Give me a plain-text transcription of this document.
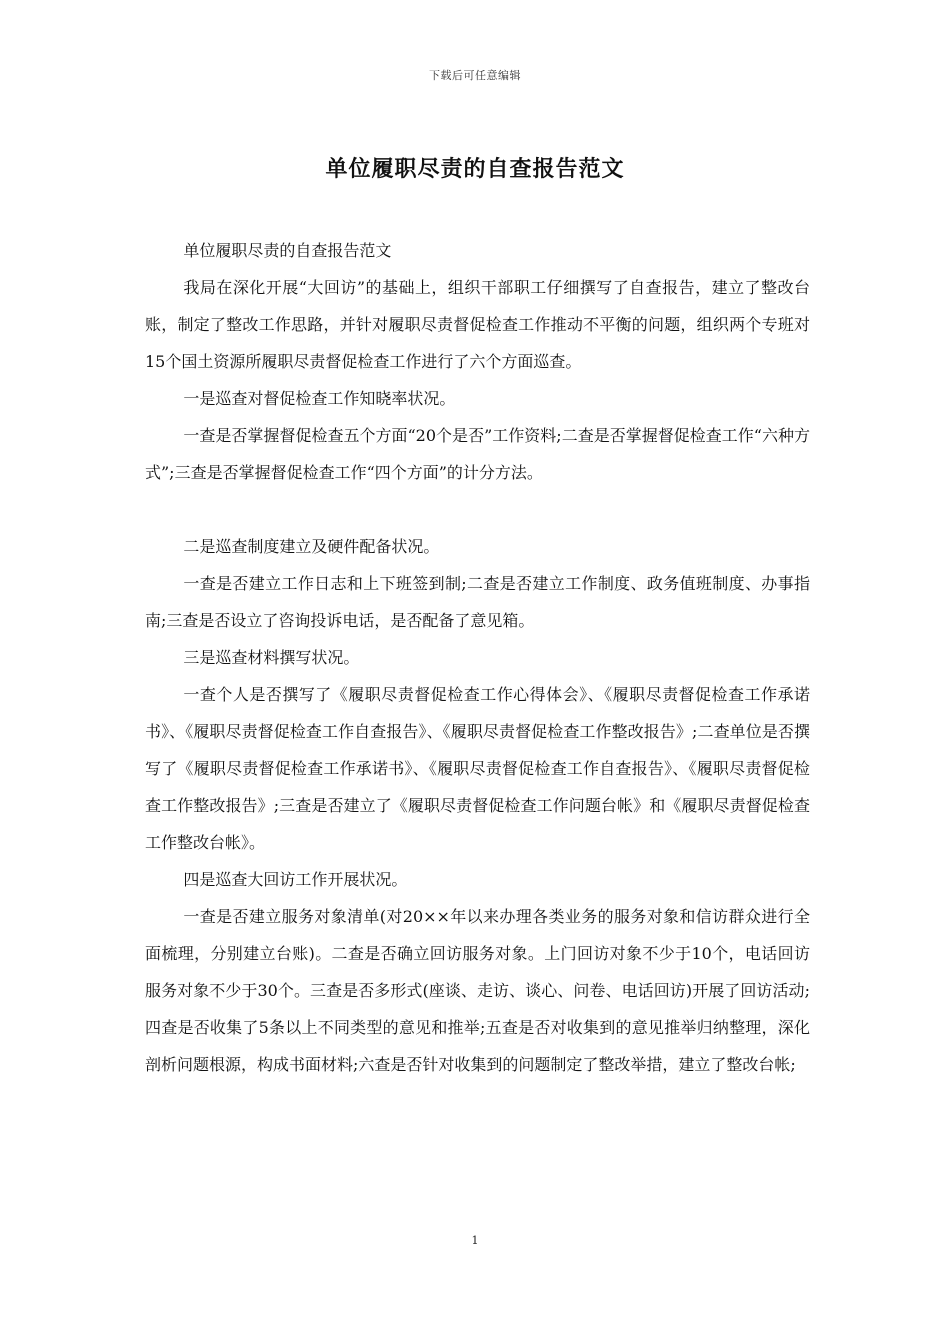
下载后可任意编辑
单位履职尽责的自查报告范文

单位履职尽责的自查报告范文

我局在深化开展“大回访”的基础上，组织干部职工仔细撰写了自查报告，建立了整改台账，制定了整改工作思路，并针对履职尽责督促检查工作推动不平衡的问题，组织两个专班对15个国土资源所履职尽责督促检查工作进行了六个方面巡查。

一是巡查对督促检查工作知晓率状况。

一查是否掌握督促检查五个方面“20个是否”工作资料;二查是否掌握督促检查工作“六种方式”;三查是否掌握督促检查工作“四个方面”的计分方法。

二是巡查制度建立及硬件配备状况。

一查是否建立工作日志和上下班签到制;二查是否建立工作制度、政务值班制度、办事指南;三查是否设立了咨询投诉电话，是否配备了意见箱。

三是巡查材料撰写状况。

一查个人是否撰写了《履职尽责督促检查工作心得体会》、《履职尽责督促检查工作承诺书》、《履职尽责督促检查工作自查报告》、《履职尽责督促检查工作整改报告》;二查单位是否撰写了《履职尽责督促检查工作承诺书》、《履职尽责督促检查工作自查报告》、《履职尽责督促检查工作整改报告》;三查是否建立了《履职尽责督促检查工作问题台帐》和《履职尽责督促检查工作整改台帐》。

四是巡查大回访工作开展状况。

一查是否建立服务对象清单(对20××年以来办理各类业务的服务对象和信访群众进行全面梳理，分别建立台账)。二查是否确立回访服务对象。上门回访对象不少于10个，电话回访服务对象不少于30个。三查是否多形式(座谈、走访、谈心、问卷、电话回访)开展了回访活动;四查是否收集了5条以上不同类型的意见和推举;五查是否对收集到的意见推举归纳整理，深化剖析问题根源，构成书面材料;六查是否针对收集到的问题制定了整改举措，建立了整改台帐;

1
